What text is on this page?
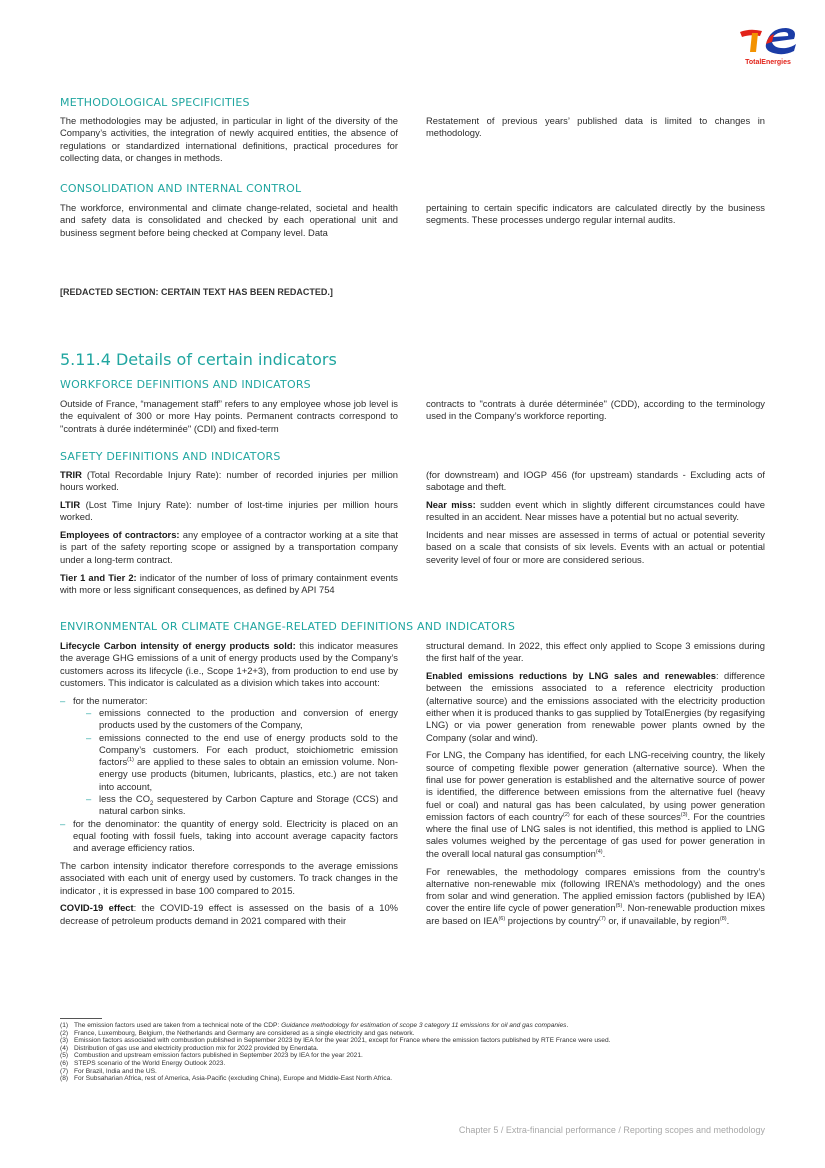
TotalEnergies
METHODOLOGICAL SPECIFICITIES

The methodologies may be adjusted, in particular in light of the diversity of the Company’s activities, the integration of newly acquired entities, the absence of regulations or standardized international definitions, practical procedures for collecting data, or changes in methods.

Restatement of previous years’ published data is limited to changes in methodology.

CONSOLIDATION AND INTERNAL CONTROL

The workforce, environmental and climate change-related, societal and health and safety data is consolidated and checked by each operational unit and business segment before being checked at Company level. Data

pertaining to certain specific indicators are calculated directly by the business segments. These processes undergo regular internal audits.

[REDACTED SECTION: CERTAIN TEXT HAS BEEN REDACTED.]
5.11.4 Details of certain indicators
WORKFORCE DEFINITIONS AND INDICATORS

Outside of France, “management staff” refers to any employee whose job level is the equivalent of 300 or more Hay points. Permanent contracts correspond to "contrats à durée indéterminée" (CDI) and fixed-term

contracts to "contrats à durée déterminée" (CDD), according to the terminology used in the Company’s workforce reporting.

SAFETY DEFINITIONS AND INDICATORS

TRIR (Total Recordable Injury Rate): number of recorded injuries per million hours worked.

LTIR (Lost Time Injury Rate): number of lost-time injuries per million hours worked.

Employees of contractors: any employee of a contractor working at a site that is part of the safety reporting scope or assigned by a transportation company under a long-term contract.

Tier 1 and Tier 2: indicator of the number of loss of primary containment events with more or less significant consequences, as defined by API 754

(for downstream) and IOGP 456 (for upstream) standards - Excluding acts of sabotage and theft.

Near miss: sudden event which in slightly different circumstances could have resulted in an accident. Near misses have a potential but no actual severity.

Incidents and near misses are assessed in terms of actual or potential severity based on a scale that consists of six levels. Events with an actual or potential severity level of four or more are considered serious.

ENVIRONMENTAL OR CLIMATE CHANGE-RELATED DEFINITIONS AND INDICATORS

Lifecycle Carbon intensity of energy products sold: this indicator measures the average GHG emissions of a unit of energy products used by the Company’s customers across its lifecycle (i.e., Scope 1+2+3), from production to end use by customers. This indicator is calculated as a division which takes into account:

– for the numerator:
– emissions connected to the production and conversion of energy products used by the customers of the Company,
– emissions connected to the end use of energy products sold to the Company’s customers. For each product, stoichiometric emission factors$^{(1)}$ are applied to these sales to obtain an emission volume. Non-energy use products (bitumen, lubricants, plastics, etc.) are not taken into account,
– less the $CO_2$ sequestered by Carbon Capture and Storage (CCS) and natural carbon sinks.
– for the denominator: the quantity of energy sold. Electricity is placed on an equal footing with fossil fuels, taking into account average capacity factors and average efficiency ratios.

The carbon intensity indicator therefore corresponds to the average emissions associated with each unit of energy used by customers. To track changes in the indicator , it is expressed in base 100 compared to 2015.

COVID-19 effect: the COVID-19 effect is assessed on the basis of a 10% decrease of petroleum products demand in 2021 compared with their

structural demand. In 2022, this effect only applied to Scope 3 emissions during the first half of the year.

Enabled emissions reductions by LNG sales and renewables: difference between the emissions associated to a reference electricity production (alternative source) and the emissions associated with the electricity production either when it is produced thanks to gas supplied by TotalEnergies (by regasifying LNG) or via power generation from renewable power plants owned by the Company (solar and wind).

For LNG, the Company has identified, for each LNG-receiving country, the likely source of competing flexible power generation (alternative source). When the final use for power generation is established and the alternative source of power is identified, the difference between emissions from the alternative fuel (heavy fuel or coal) and natural gas has been calculated, by using power generation emission factors of each country$^{(2)}$ for each of these sources$^{(3)}$. For the countries where the final use of LNG sales is not identified, this method is applied to LNG sales volumes weighed by the percentage of gas used for power generation in the overall local natural gas consumption$^{(4)}$.

For renewables, the methodology compares emissions from the country’s alternative non-renewable mix (following IRENA’s methodology) and the ones from solar and wind generation. The applied emission factors (published by IEA) cover the entire life cycle of power generation$^{(5)}$. Non-renewable production mixes are based on IEA$^{(6)}$ projections by country$^{(7)}$ or, if unavailable, by region$^{(8)}$.

(1) The emission factors used are taken from a technical note of the CDP: Guidance methodology for estimation of scope 3 category 11 emissions for oil and gas companies.
(2) France, Luxembourg, Belgium, the Netherlands and Germany are considered as a single electricity and gas network.
(3) Emission factors associated with combustion published in September 2023 by IEA for the year 2021, except for France where the emission factors published by RTE France were used.
(4) Distribution of gas use and electricity production mix for 2022 provided by Enerdata.
(5) Combustion and upstream emission factors published in September 2023 by IEA for the year 2021.
(6) STEPS scenario of the World Energy Outlook 2023.
(7) For Brazil, India and the US.
(8) For Subsaharian Africa, rest of America, Asia-Pacific (excluding China), Europe and Middle-East North Africa.
Chapter 5 / Extra-financial performance / Reporting scopes and methodology
